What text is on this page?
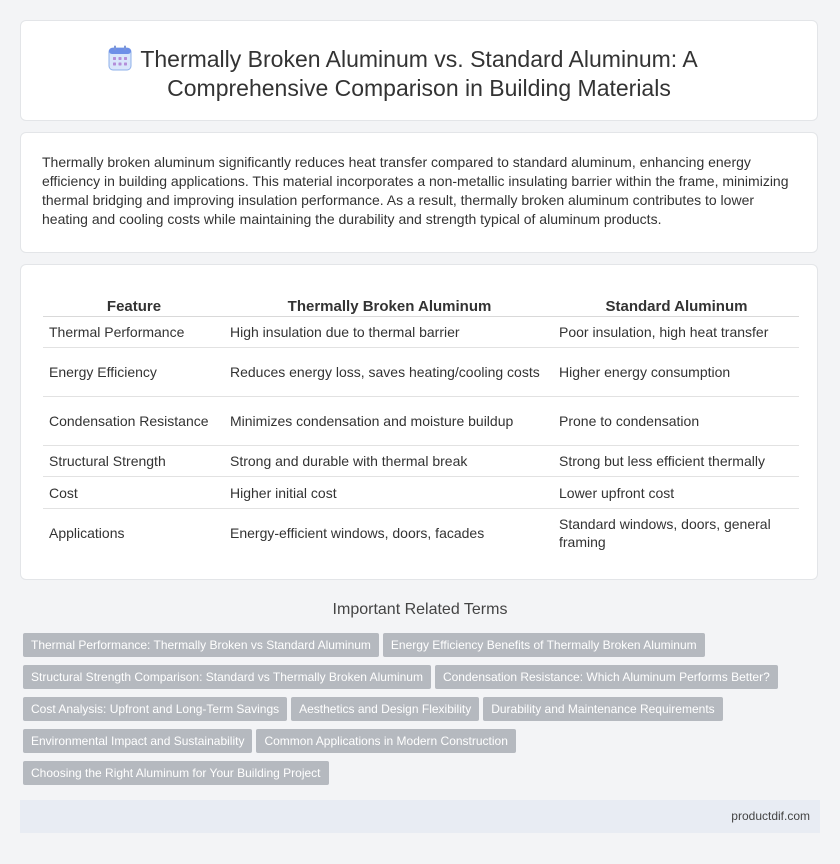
Thermally Broken Aluminum vs. Standard Aluminum: A
Comprehensive Comparison in Building Materials

Thermally broken aluminum significantly reduces heat transfer compared to standard aluminum, enhancing energy efficiency in building applications. This material incorporates a non-metallic insulating barrier within the frame, minimizing thermal bridging and improving insulation performance. As a result, thermally broken aluminum contributes to lower heating and cooling costs while maintaining the durability and strength typical of aluminum products.

Feature	Thermally Broken Aluminum	Standard Aluminum
Thermal Performance	High insulation due to thermal barrier	Poor insulation, high heat transfer
Energy Efficiency	Reduces energy loss, saves heating/cooling costs	Higher energy consumption
Condensation Resistance	Minimizes condensation and moisture buildup	Prone to condensation
Structural Strength	Strong and durable with thermal break	Strong but less efficient thermally
Cost	Higher initial cost	Lower upfront cost
Applications	Energy-efficient windows, doors, facades	Standard windows, doors, general framing
Important Related Terms
Thermal Performance: Thermally Broken vs Standard Aluminum Energy Efficiency Benefits of Thermally Broken Aluminum
Structural Strength Comparison: Standard vs Thermally Broken Aluminum Condensation Resistance: Which Aluminum Performs Better?
Cost Analysis: Upfront and Long-Term Savings Aesthetics and Design Flexibility Durability and Maintenance Requirements
Environmental Impact and Sustainability Common Applications in Modern Construction
Choosing the Right Aluminum for Your Building Project
productdif.com
